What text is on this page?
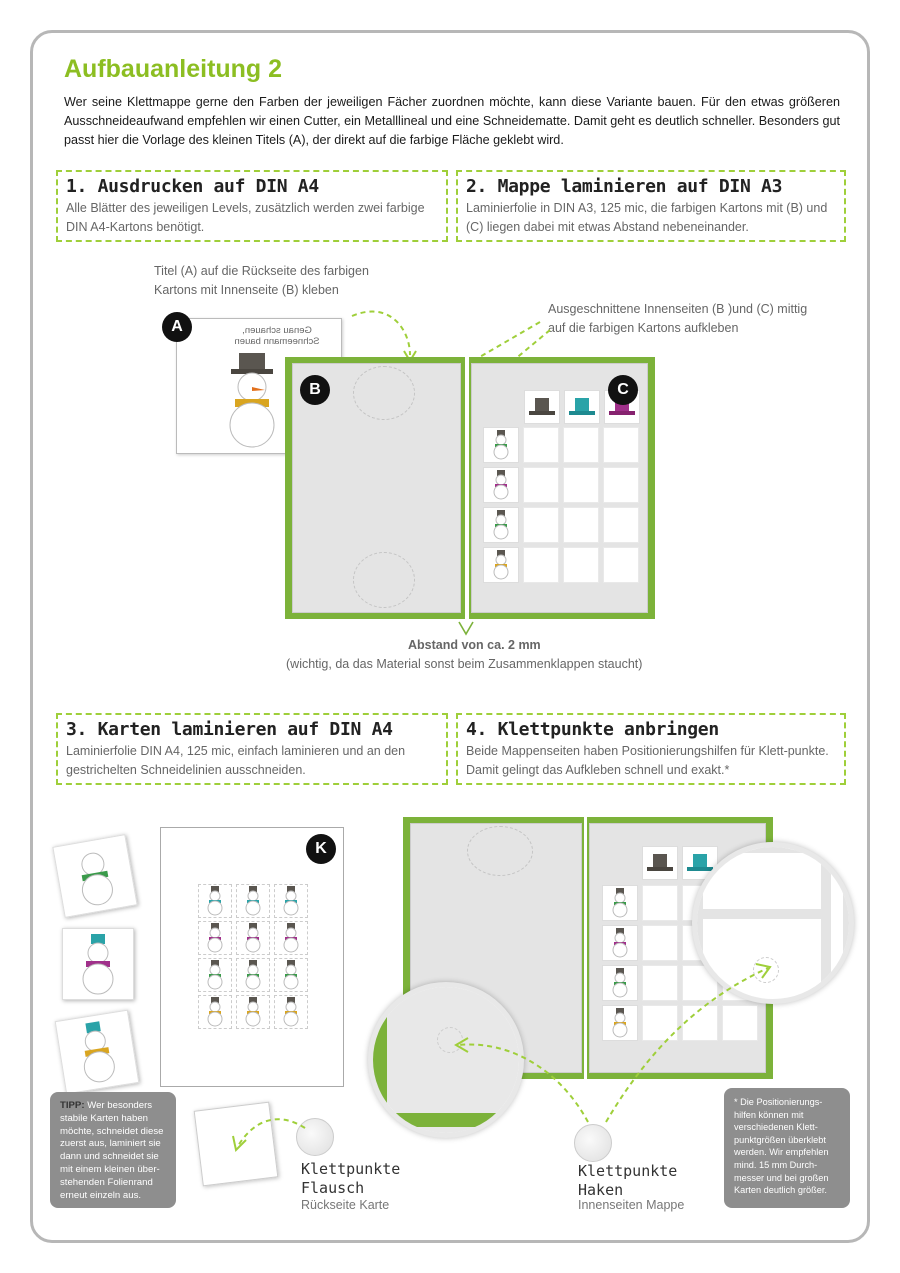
Aufbauanleitung 2

Wer seine Klettmappe gerne den Farben der jeweiligen Fächer zuordnen möchte, kann diese Variante bauen. Für den etwas größeren Ausschneideaufwand empfehlen wir einen Cutter, ein Metalllineal und eine Schneidematte. Damit geht es deutlich schneller. Besonders gut passt hier die Vorlage des kleinen Titels (A), der direkt auf die farbige Fläche geklebt wird.

1. Ausdrucken auf DIN A4

Alle Blätter des jeweiligen Levels, zusätzlich werden zwei farbige DIN A4-Kartons benötigt.

2. Mappe laminieren auf DIN A3

Laminierfolie in DIN A3, 125 mic, die farbigen Kartons mit (B) und (C) liegen dabei mit etwas Abstand nebeneinander.

Titel (A) auf die Rückseite des farbigen Kartons mit Innenseite (B) kleben
Ausgeschnittene Innenseiten (B )und (C) mittig auf die farbigen Kartons aufkleben
Genau schauen, Schneemann bauen
A
B	C
Abstand von ca. 2 mm
(wichtig, da das Material sonst beim Zusammenklappen staucht)
3. Karten laminieren auf DIN A4

Laminierfolie DIN A4, 125 mic, einfach laminieren und an den gestrichelten Schneidelinien ausschneiden.

4. Klettpunkte anbringen

Beide Mappenseiten haben Positionierungshilfen für Klett-punkte. Damit gelingt das Aufkleben schnell und exakt.*

K
TIPP: Wer besonders stabile Karten haben möchte, schneidet diese zuerst aus, laminiert sie dann und schneidet sie mit einem kleinen über-stehenden Folienrand erneut einzeln aus.
Klettpunkte Flausch
Rückseite Karte
Klettpunkte Haken
Innenseiten Mappe
* Die Positionierungs-hilfen können mit verschiedenen Klett-punktgrößen überklebt werden. Wir empfehlen mind. 15 mm Durch-messer und bei großen Karten deutlich größer.
